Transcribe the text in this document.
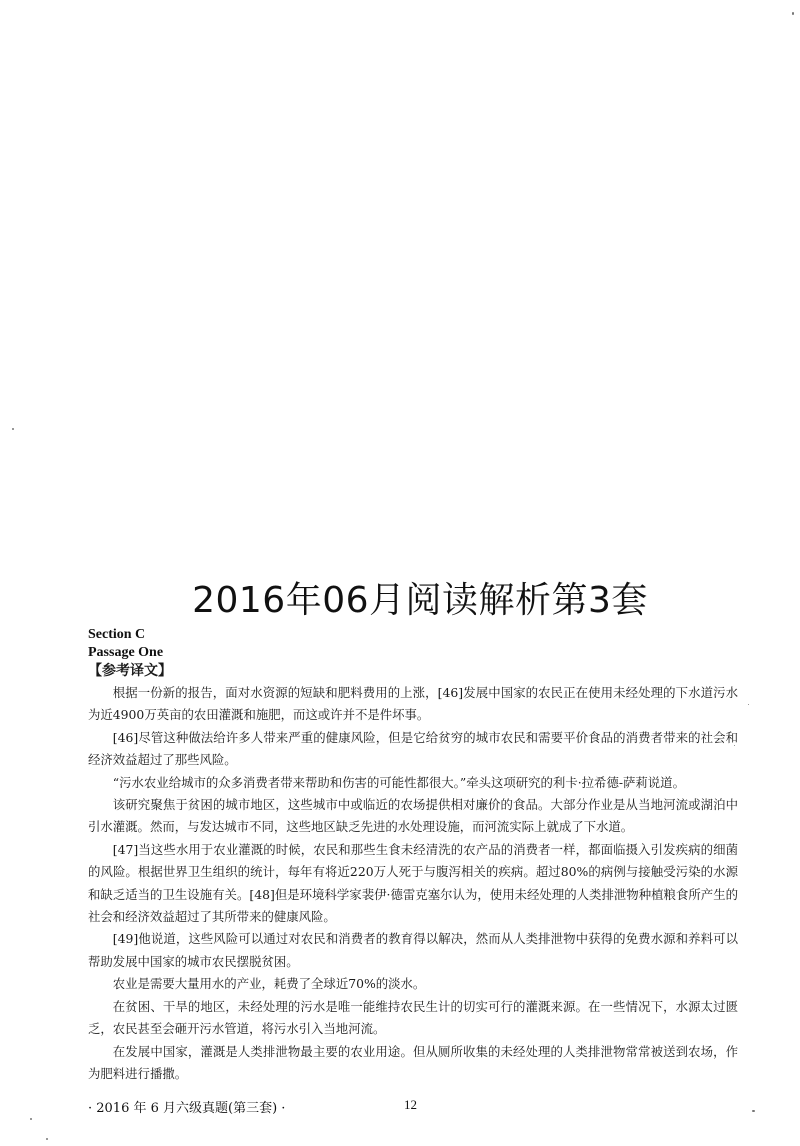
2016年06月阅读解析第3套
Section C
Passage One
【参考译文】

根据一份新的报告，面对水资源的短缺和肥料费用的上涨，[46]发展中国家的农民正在使用未经处理的下水道污水为近4900万英亩的农田灌溉和施肥，而这或许并不是件坏事。

[46]尽管这种做法给许多人带来严重的健康风险，但是它给贫穷的城市农民和需要平价食品的消费者带来的社会和经济效益超过了那些风险。

“污水农业给城市的众多消费者带来帮助和伤害的可能性都很大。”牵头这项研究的利卡·拉希德-萨莉说道。

该研究聚焦于贫困的城市地区，这些城市中或临近的农场提供相对廉价的食品。大部分作业是从当地河流或湖泊中引水灌溉。然而，与发达城市不同，这些地区缺乏先进的水处理设施，而河流实际上就成了下水道。

[47]当这些水用于农业灌溉的时候，农民和那些生食未经清洗的农产品的消费者一样，都面临摄入引发疾病的细菌的风险。根据世界卫生组织的统计，每年有将近220万人死于与腹泻相关的疾病。超过80%的病例与接触受污染的水源和缺乏适当的卫生设施有关。[48]但是环境科学家裴伊·德雷克塞尔认为，使用未经处理的人类排泄物种植粮食所产生的社会和经济效益超过了其所带来的健康风险。

[49]他说道，这些风险可以通过对农民和消费者的教育得以解决，然而从人类排泄物中获得的免费水源和养料可以帮助发展中国家的城市农民摆脱贫困。

农业是需要大量用水的产业，耗费了全球近70%的淡水。

在贫困、干旱的地区，未经处理的污水是唯一能维持农民生计的切实可行的灌溉来源。在一些情况下，水源太过匮乏，农民甚至会砸开污水管道，将污水引入当地河流。

在发展中国家，灌溉是人类排泄物最主要的农业用途。但从厕所收集的未经处理的人类排泄物常常被送到农场，作为肥料进行播撒。

· 2016 年 6 月六级真题(第三套) ·	12
